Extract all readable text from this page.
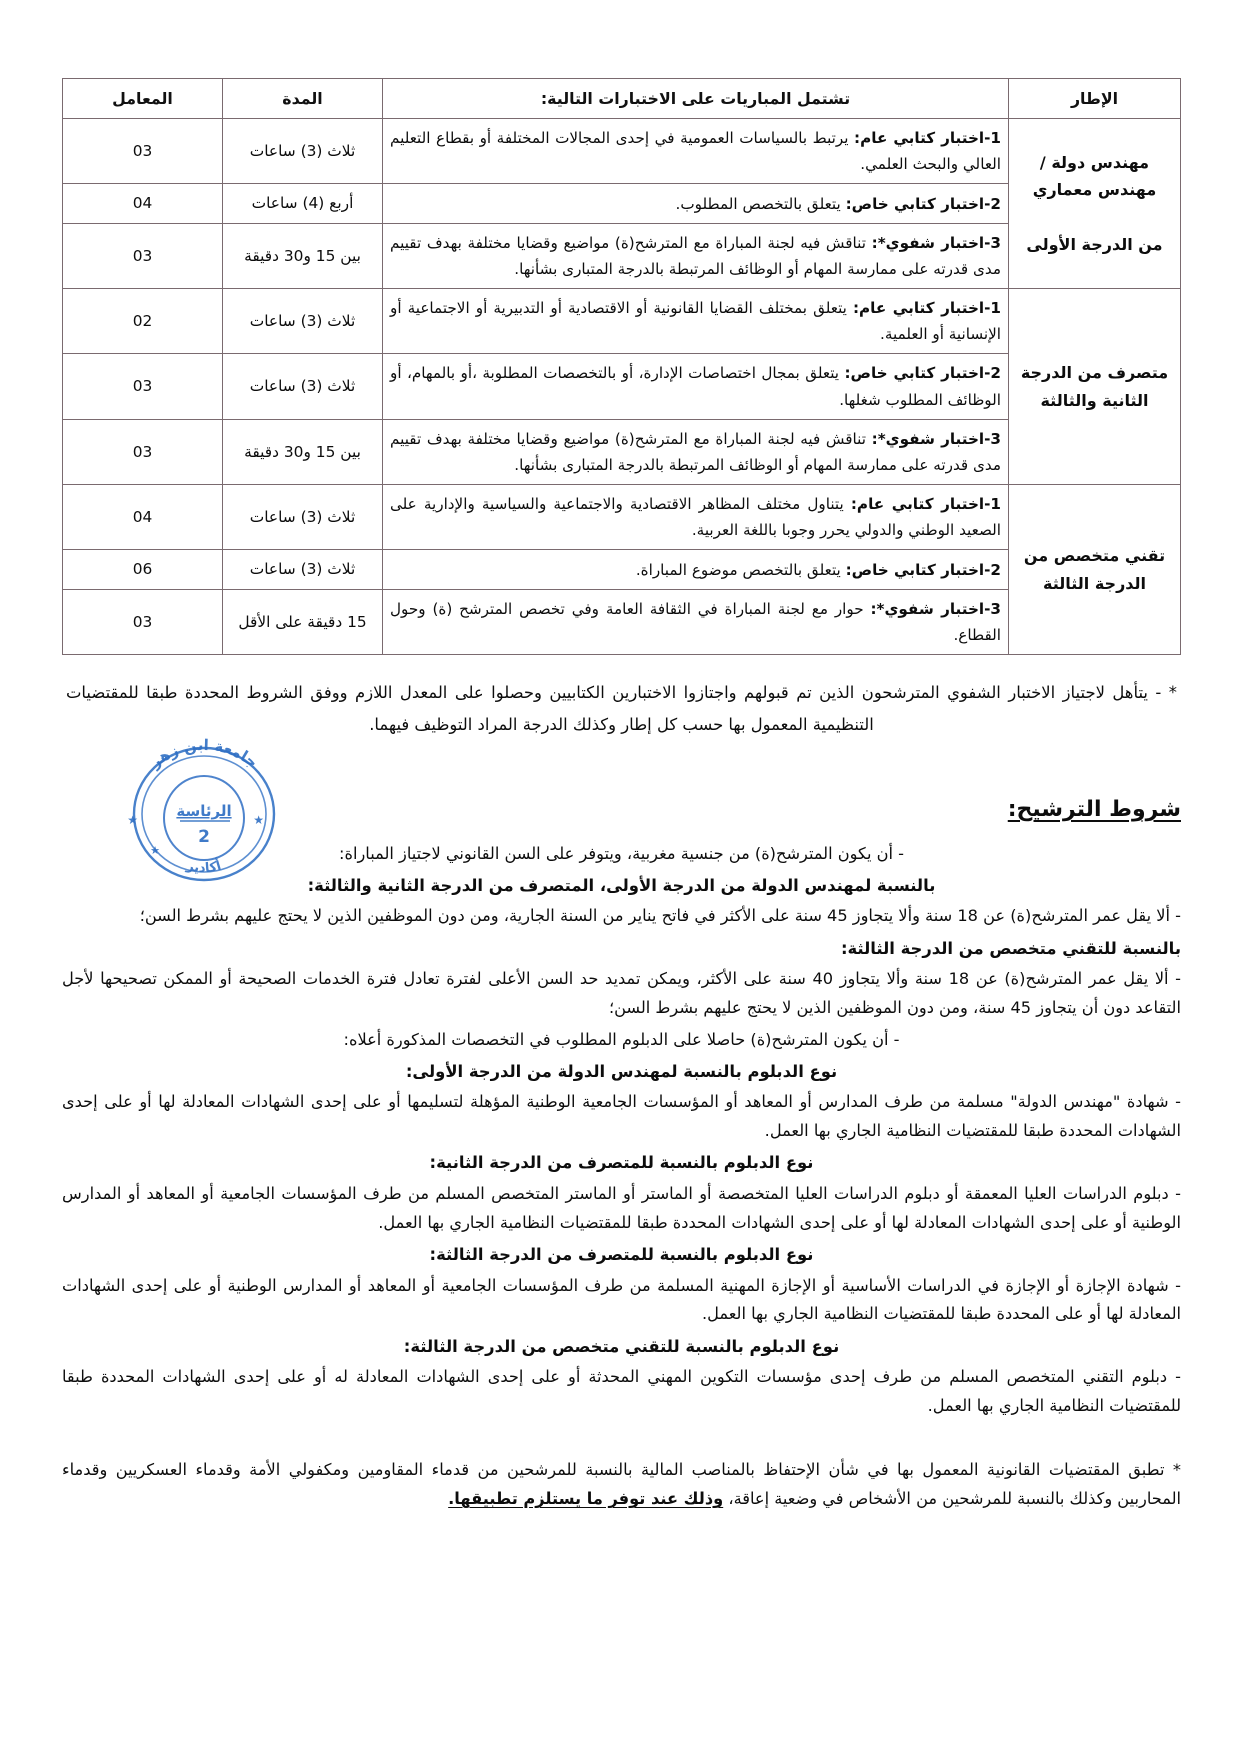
الإطار	تشتمل المباريات على الاختبارات التالية:	المدة	المعامل
مهندس دولة /
مهندس معماري

من الدرجة الأولى	1-اختبار كتابي عام: يرتبط بالسياسات العمومية في إحدى المجالات المختلفة أو بقطاع التعليم العالي والبحث العلمي.	ثلاث (3) ساعات	03
	2-اختبار كتابي خاص: يتعلق بالتخصص المطلوب.	أربع (4) ساعات	04
	3-اختبار شفوي*: تناقش فيه لجنة المباراة مع المترشح(ة) مواضيع وقضايا مختلفة بهدف تقييم مدى قدرته على ممارسة المهام أو الوظائف المرتبطة بالدرجة المتبارى بشأنها.	بين 15 و30 دقيقة	03
متصرف من الدرجة
الثانية والثالثة	1-اختبار كتابي عام: يتعلق بمختلف القضايا القانونية أو الاقتصادية أو التدبيرية أو الاجتماعية أو الإنسانية أو العلمية.	ثلاث (3) ساعات	02
	2-اختبار كتابي خاص: يتعلق بمجال اختصاصات الإدارة، أو بالتخصصات المطلوبة ،أو بالمهام، أو الوظائف المطلوب شغلها.	ثلاث (3) ساعات	03
	3-اختبار شفوي*: تناقش فيه لجنة المباراة مع المترشح(ة) مواضيع وقضايا مختلفة بهدف تقييم مدى قدرته على ممارسة المهام أو الوظائف المرتبطة بالدرجة المتبارى بشأنها.	بين 15 و30 دقيقة	03
تقني متخصص من
الدرجة الثالثة	1-اختبار كتابي عام: يتناول مختلف المظاهر الاقتصادية والاجتماعية والسياسية والإدارية على الصعيد الوطني والدولي يحرر وجوبا باللغة العربية.	ثلاث (3) ساعات	04
	2-اختبار كتابي خاص: يتعلق بالتخصص موضوع المباراة.	ثلاث (3) ساعات	06
	3-اختبار شفوي*: حوار مع لجنة المباراة في الثقافة العامة وفي تخصص المترشح (ة) وحول القطاع.	15 دقيقة على الأقل	03

* - يتأهل لاجتياز الاختبار الشفوي المترشحون الذين تم قبولهم واجتازوا الاختبارين الكتابيين وحصلوا على المعدل اللازم ووفق الشروط المحددة طبقا للمقتضيات التنظيمية المعمول بها حسب كل إطار وكذلك الدرجة المراد التوظيف فيهما.

شروط الترشيح:

- أن يكون المترشح(ة) من جنسية مغربية، ويتوفر على السن القانوني لاجتياز المباراة:

بالنسبة لمهندس الدولة من الدرجة الأولى، المتصرف من الدرجة الثانية والثالثة:

- ألا يقل عمر المترشح(ة) عن 18 سنة وألا يتجاوز 45 سنة على الأكثر في فاتح يناير من السنة الجارية، ومن دون الموظفين الذين لا يحتج عليهم بشرط السن؛

بالنسبة للتقني متخصص من الدرجة الثالثة:

- ألا يقل عمر المترشح(ة) عن 18 سنة وألا يتجاوز 40 سنة على الأكثر، ويمكن تمديد حد السن الأعلى لفترة تعادل فترة الخدمات الصحيحة أو الممكن تصحيحها لأجل التقاعد دون أن يتجاوز 45 سنة، ومن دون الموظفين الذين لا يحتج عليهم بشرط السن؛

- أن يكون المترشح(ة) حاصلا على الدبلوم المطلوب في التخصصات المذكورة أعلاه:

نوع الدبلوم بالنسبة لمهندس الدولة من الدرجة الأولى:

- شهادة "مهندس الدولة" مسلمة من طرف المدارس أو المعاهد أو المؤسسات الجامعية الوطنية المؤهلة لتسليمها أو على إحدى الشهادات المعادلة لها أو على إحدى الشهادات المحددة طبقا للمقتضيات النظامية الجاري بها العمل.

نوع الدبلوم بالنسبة للمتصرف من الدرجة الثانية:

- دبلوم الدراسات العليا المعمقة أو دبلوم الدراسات العليا المتخصصة أو الماستر أو الماستر المتخصص المسلم من طرف المؤسسات الجامعية أو المعاهد أو المدارس الوطنية أو على إحدى الشهادات المعادلة لها أو على إحدى الشهادات المحددة طبقا للمقتضيات النظامية الجاري بها العمل.

نوع الدبلوم بالنسبة للمتصرف من الدرجة الثالثة:

- شهادة الإجازة أو الإجازة في الدراسات الأساسية أو الإجازة المهنية المسلمة من طرف المؤسسات الجامعية أو المعاهد أو المدارس الوطنية أو على إحدى الشهادات المعادلة لها أو على المحددة طبقا للمقتضيات النظامية الجاري بها العمل.

نوع الدبلوم بالنسبة للتقني متخصص من الدرجة الثالثة:

- دبلوم التقني المتخصص المسلم من طرف إحدى مؤسسات التكوين المهني المحدثة أو على إحدى الشهادات المعادلة له أو على إحدى الشهادات المحددة طبقا للمقتضيات النظامية الجاري بها العمل.

* تطبق المقتضيات القانونية المعمول بها في شأن الإحتفاظ بالمناصب المالية بالنسبة للمرشحين من قدماء المقاومين ومكفولي الأمة وقدماء العسكريين وقدماء المحاربين وكذلك بالنسبة للمرشحين من الأشخاص في وضعية إعاقة، وذلك عند توفر ما يستلزم تطبيقها.

جامعة ابن زهر
الرئاسة
2
أكادير
★	★
★
